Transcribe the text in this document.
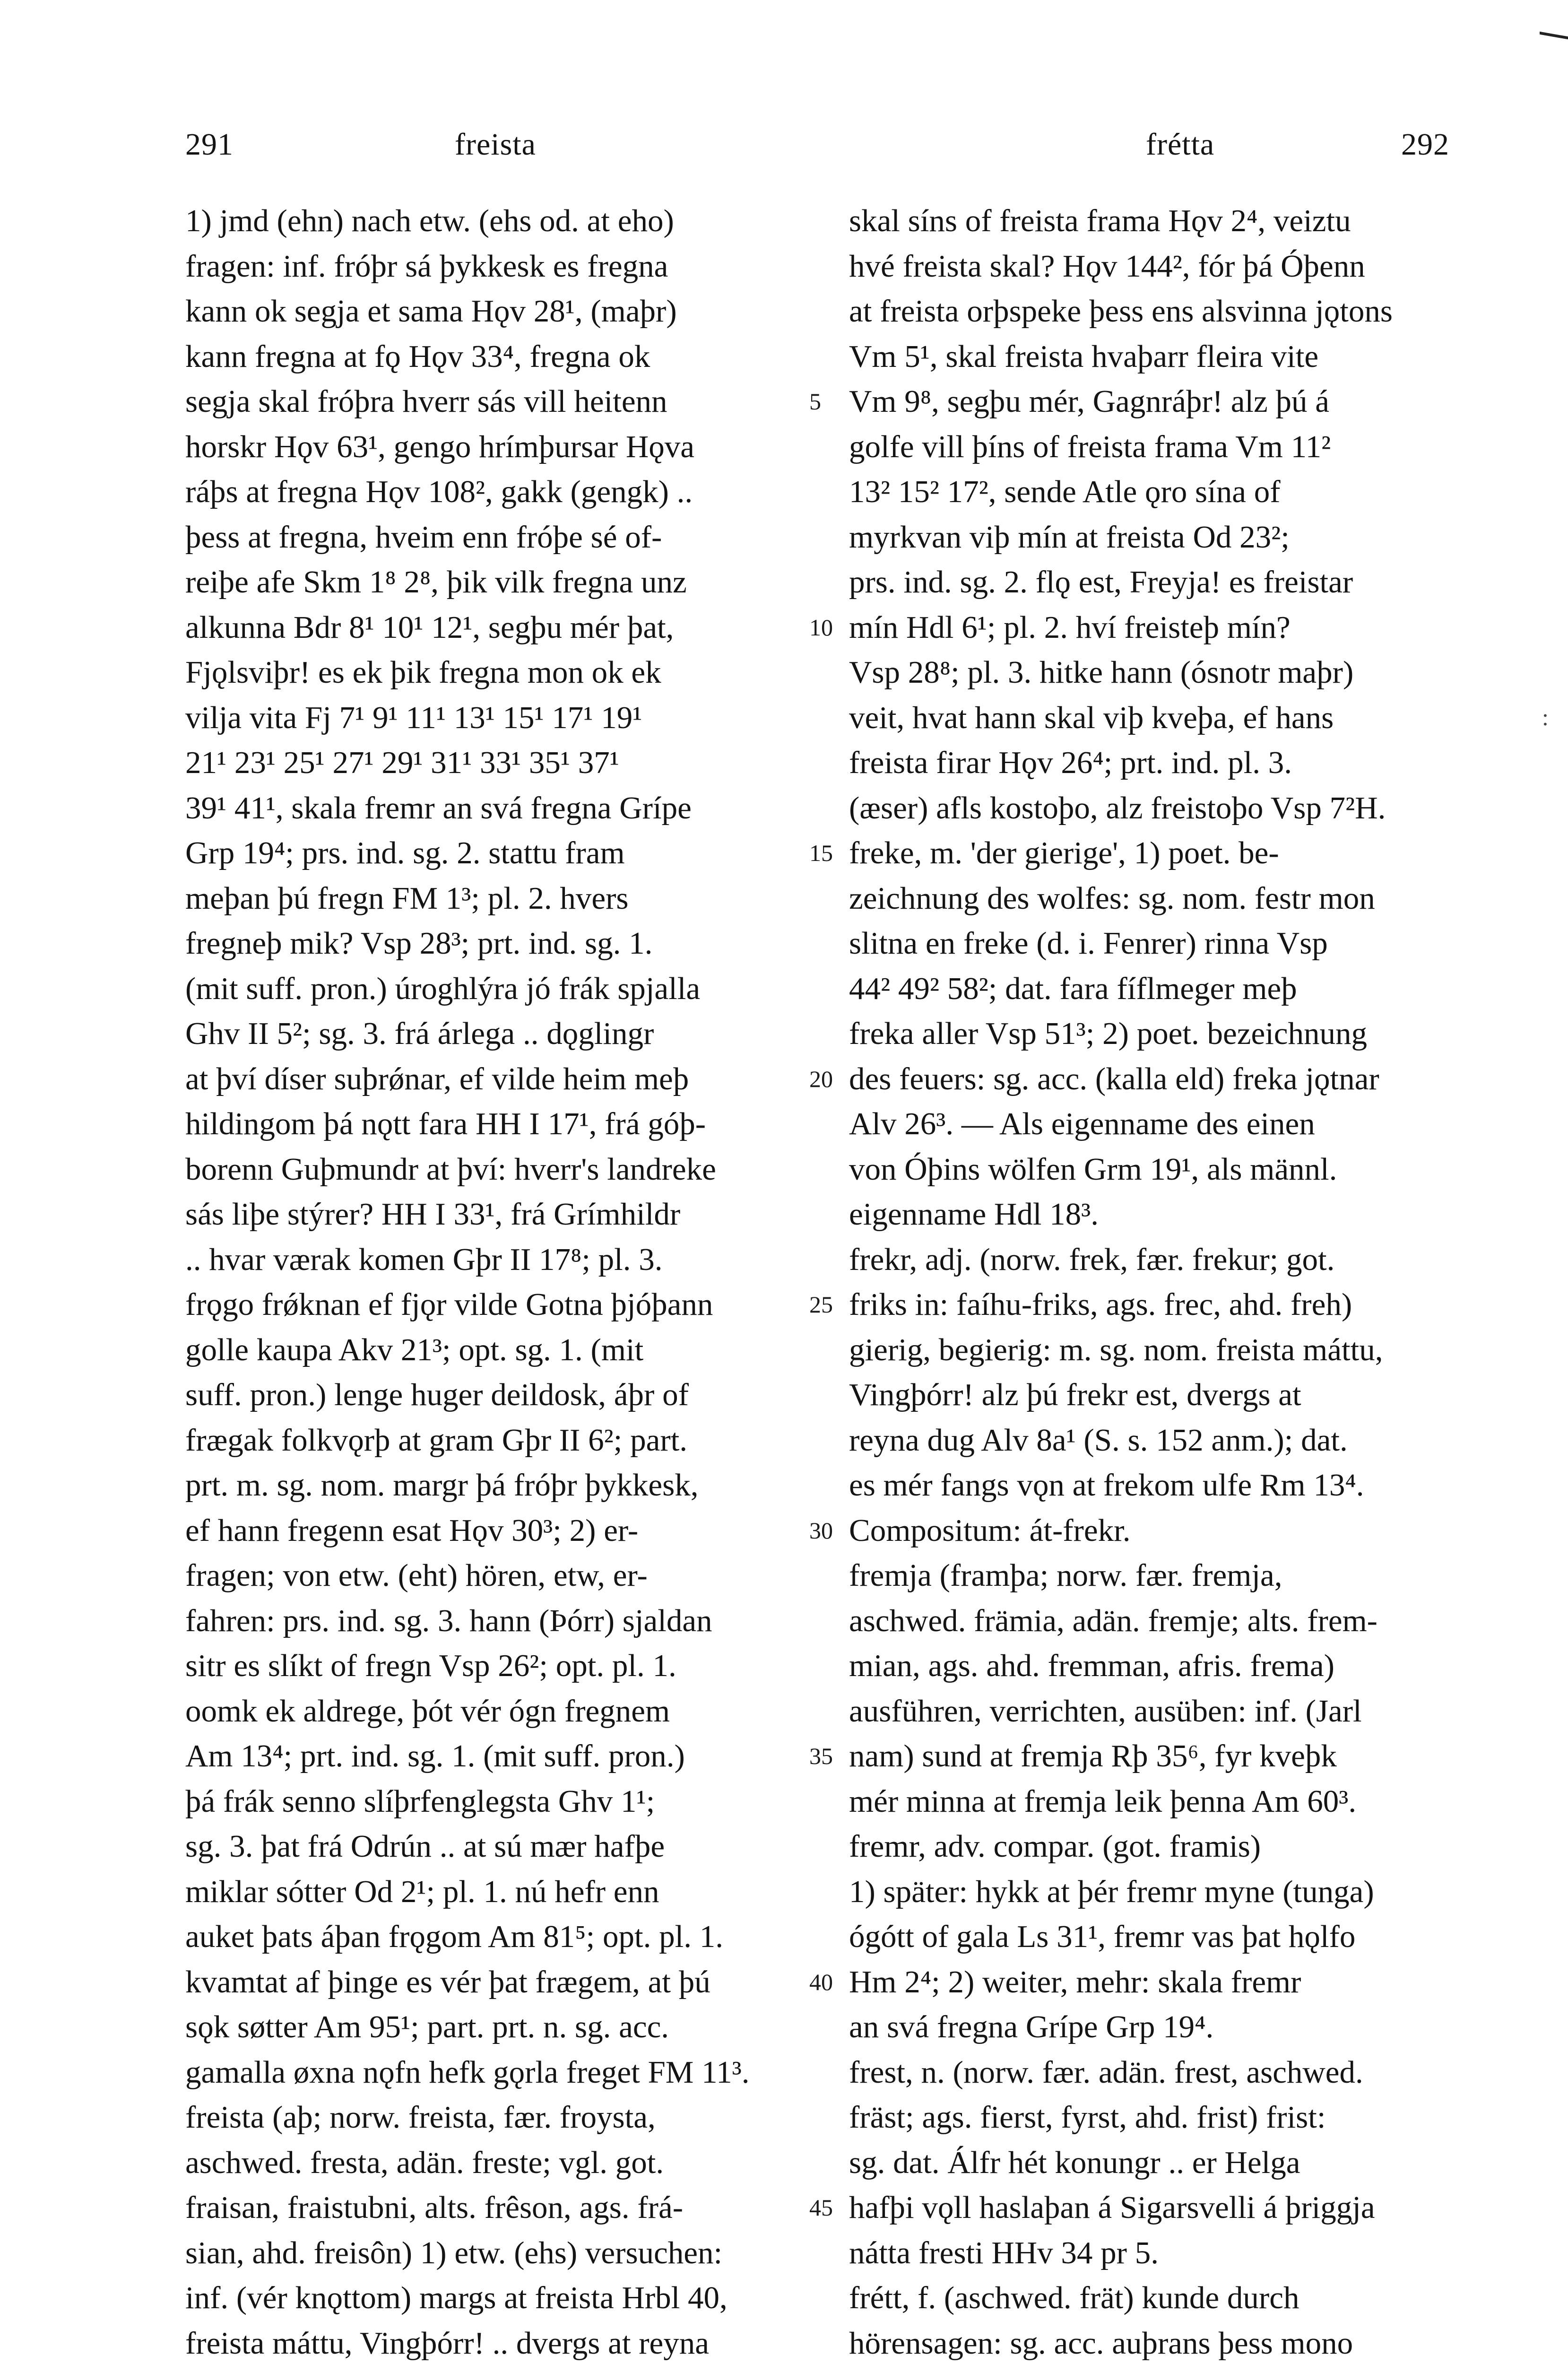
291	freista	frétta	292
1) jmd (ehn) nach etw. (ehs od. at eho)
fragen: inf. fróþr sá þykkesk es fregna
kann ok segja et sama Hǫv 28¹, (maþr)
kann fregna at fǫ Hǫv 33⁴, fregna ok
segja skal fróþra hverr sás vill heitenn
horskr Hǫv 63¹, gengo hrímþursar Hǫva
ráþs at fregna Hǫv 108², gakk (gengk) ..
þess at fregna, hveim enn fróþe sé of-
reiþe afe Skm 1⁸ 2⁸, þik vilk fregna unz
alkunna Bdr 8¹ 10¹ 12¹, segþu mér þat,
Fjǫlsviþr! es ek þik fregna mon ok ek
vilja vita Fj 7¹ 9¹ 11¹ 13¹ 15¹ 17¹ 19¹
21¹ 23¹ 25¹ 27¹ 29¹ 31¹ 33¹ 35¹ 37¹
39¹ 41¹, skala fremr an svá fregna Grípe
Grp 19⁴; prs. ind. sg. 2. stattu fram
meþan þú fregn FM 1³; pl. 2. hvers
fregneþ mik? Vsp 28³; prt. ind. sg. 1.
(mit suff. pron.) úroghlýra jó frák spjalla
Ghv II 5²; sg. 3. frá árlega .. dǫglingr
at því díser suþrǿnar, ef vilde heim meþ
hildingom þá nǫtt fara HH I 17¹, frá góþ-
borenn Guþmundr at því: hverr's landreke
sás liþe stýrer? HH I 33¹, frá Grímhildr
.. hvar værak komen Gþr II 17⁸; pl. 3.
frǫgo frǿknan ef fjǫr vilde Gotna þjóþann
golle kaupa Akv 21³; opt. sg. 1. (mit
suff. pron.) lenge huger deildosk, áþr of
frægak folkvǫrþ at gram Gþr II 6²; part.
prt. m. sg. nom. margr þá fróþr þykkesk,
ef hann fregenn esat Hǫv 30³; 2) er-
fragen; von etw. (eht) hören, etw, er-
fahren: prs. ind. sg. 3. hann (Þórr) sjaldan
sitr es slíkt of fregn Vsp 26²; opt. pl. 1.
oomk ek aldrege, þót vér ógn fregnem
Am 13⁴; prt. ind. sg. 1. (mit suff. pron.)
þá frák senno slíþrfenglegsta Ghv 1¹;
sg. 3. þat frá Odrún .. at sú mær hafþe
miklar sótter Od 2¹; pl. 1. nú hefr enn
auket þats áþan frǫgom Am 81⁵; opt. pl. 1.
kvamtat af þinge es vér þat frægem, at þú
sǫk søtter Am 95¹; part. prt. n. sg. acc.
gamalla øxna nǫfn hefk gǫrla freget FM 11³.
freista (aþ; norw. freista, fær. froysta,
aschwed. fresta, adän. freste; vgl. got.
fraisan, fraistubni, alts. frêson, ags. frá-
sian, ahd. freisôn) 1) etw. (ehs) versuchen:
inf. (vér knǫttom) margs at freista Hrbl 40,
freista máttu, Vingþórr! .. dvergs at reyna
skal síns of freista frama Hǫv 2⁴, veiztu
hvé freista skal? Hǫv 144², fór þá Óþenn
at freista orþspeke þess ens alsvinna jǫtons
Vm 5¹, skal freista hvaþarr fleira vite
Vm 9⁸, segþu mér, Gagnráþr! alz þú á
golfe vill þíns of freista frama Vm 11²
13² 15² 17², sende Atle ǫro sína of
myrkvan viþ mín at freista Od 23²;
prs. ind. sg. 2. flǫ est, Freyja! es freistar
mín Hdl 6¹; pl. 2. hví freisteþ mín?
Vsp 28⁸; pl. 3. hitke hann (ósnotr maþr)
veit, hvat hann skal viþ kveþa, ef hans
freista firar Hǫv 26⁴; prt. ind. pl. 3.
(æser) afls kostoþo, alz freistoþo Vsp 7²H.
freke, m. 'der gierige', 1) poet. be-
zeichnung des wolfes: sg. nom. festr mon
slitna en freke (d. i. Fenrer) rinna Vsp
44² 49² 58²; dat. fara fíflmeger meþ
freka aller Vsp 51³; 2) poet. bezeichnung
des feuers: sg. acc. (kalla eld) freka jǫtnar
Alv 26³. — Als eigenname des einen
von Óþins wölfen Grm 19¹, als männl.
eigenname Hdl 18³.
frekr, adj. (norw. frek, fær. frekur; got.
friks in: faíhu-friks, ags. frec, ahd. freh)
gierig, begierig: m. sg. nom. freista máttu,
Vingþórr! alz þú frekr est, dvergs at
reyna dug Alv 8a¹ (S. s. 152 anm.); dat.
es mér fangs vǫn at frekom ulfe Rm 13⁴.
Compositum: át-frekr.
fremja (framþa; norw. fær. fremja,
aschwed. främia, adän. fremje; alts. frem-
mian, ags. ahd. fremman, afris. frema)
ausführen, verrichten, ausüben: inf. (Jarl
nam) sund at fremja Rþ 35⁶, fyr kveþk
mér minna at fremja leik þenna Am 60³.
fremr, adv. compar. (got. framis)
1) später: hykk at þér fremr myne (tunga)
ógótt of gala Ls 31¹, fremr vas þat hǫlfo
Hm 2⁴; 2) weiter, mehr: skala fremr
an svá fregna Grípe Grp 19⁴.
frest, n. (norw. fær. adän. frest, aschwed.
fräst; ags. fierst, fyrst, ahd. frist) frist:
sg. dat. Álfr hét konungr .. er Helga
hafþi vǫll haslaþan á Sigarsvelli á þriggja
nátta fresti HHv 34 pr 5.
frétt, f. (aschwed. frät) kunde durch
hörensagen: sg. acc. auþrans þess mono
5
10
15
20
25
30
35
40
45
:
